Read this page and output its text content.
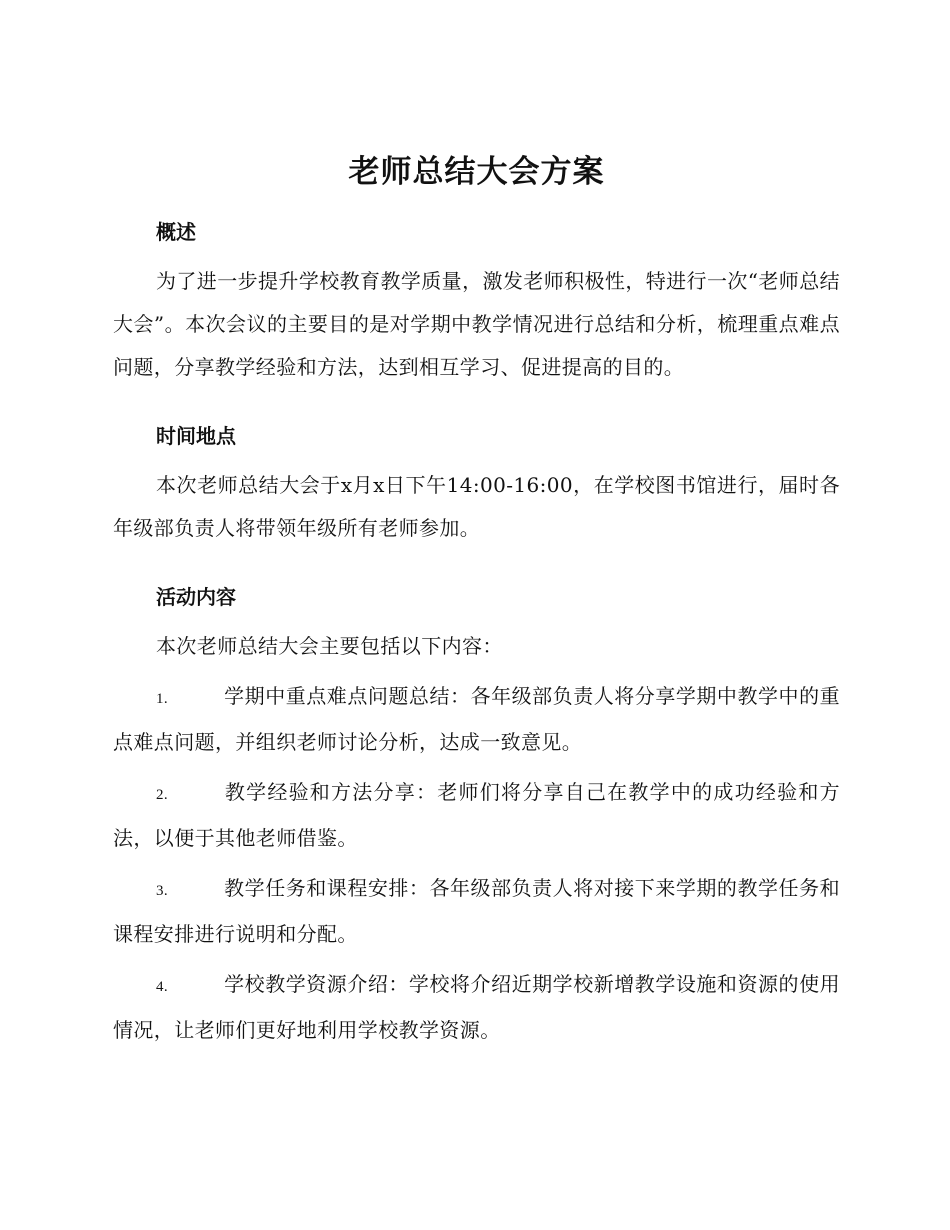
老师总结大会方案
概述

为了进一步提升学校教育教学质量，激发老师积极性，特进行一次“老师总结大会”。本次会议的主要目的是对学期中教学情况进行总结和分析，梳理重点难点问题，分享教学经验和方法，达到相互学习、促进提高的目的。

时间地点

本次老师总结大会于x月x日下午14:00-16:00，在学校图书馆进行，届时各年级部负责人将带领年级所有老师参加。

活动内容

本次老师总结大会主要包括以下内容：

1.	学期中重点难点问题总结：各年级部负责人将分享学期中教学中的重点难点问题，并组织老师讨论分析，达成一致意见。

2.	教学经验和方法分享：老师们将分享自己在教学中的成功经验和方法，以便于其他老师借鉴。

3.	教学任务和课程安排：各年级部负责人将对接下来学期的教学任务和课程安排进行说明和分配。

4.	学校教学资源介绍：学校将介绍近期学校新增教学设施和资源的使用情况，让老师们更好地利用学校教学资源。
